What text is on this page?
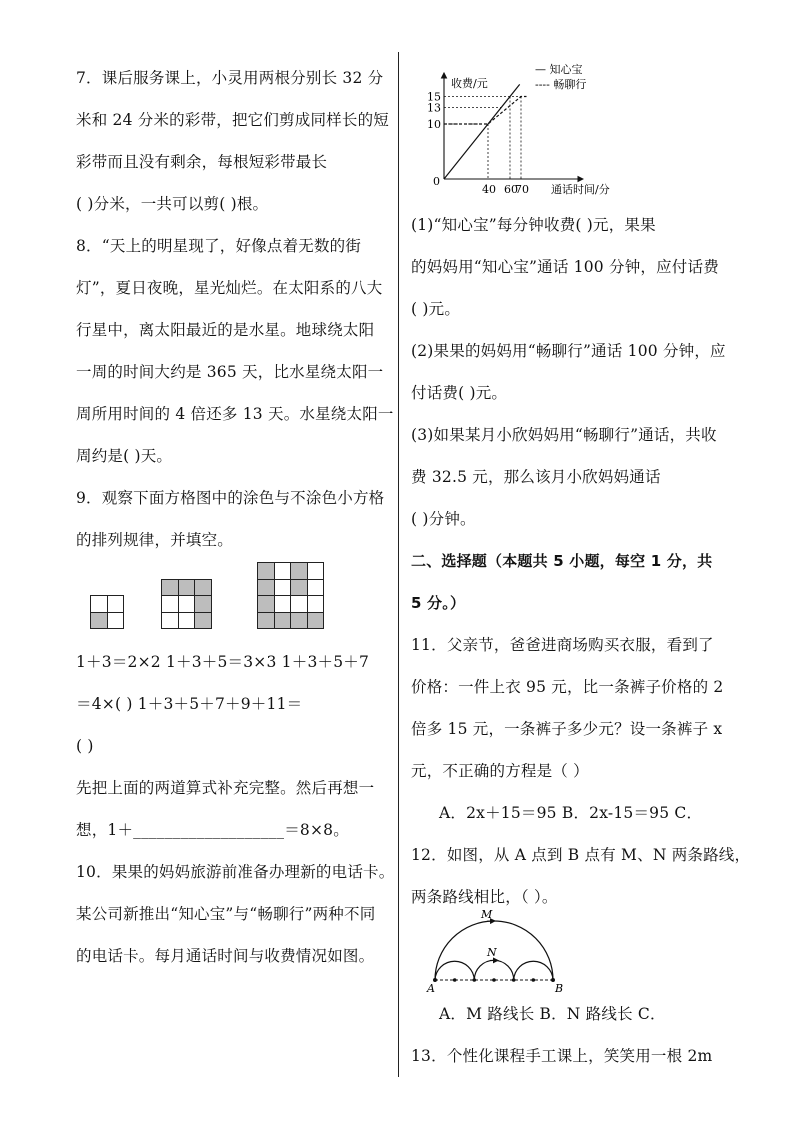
7．课后服务课上，小灵用两根分别长 32 分
米和 24 分米的彩带，把它们剪成同样长的短
彩带而且没有剩余，每根短彩带最长
( )分米，一共可以剪( )根。
8．“天上的明星现了，好像点着无数的街
灯”，夏日夜晚，星光灿烂。在太阳系的八大
行星中，离太阳最近的是水星。地球绕太阳
一周的时间大约是 365 天，比水星绕太阳一
周所用时间的 4 倍还多 13 天。水星绕太阳一
周约是( )天。
9．观察下面方格图中的涂色与不涂色小方格
的排列规律，并填空。
1＋3＝2×2 1＋3＋5＝3×3 1＋3＋5＋7
＝4×( ) 1＋3＋5＋7＋9＋11＝
( )
先把上面的两道算式补充完整。然后再想一
想，1＋___________________＝8×8。
10．果果的妈妈旅游前准备办理新的电话卡。
某公司新推出“知心宝”与“畅聊行”两种不同
的电话卡。每月通话时间与收费情况如图。
收费/元
通话时间/分
0
— 知心宝
---- 畅聊行
40 60
70
10
13
15
(1)“知心宝”每分钟收费( )元，果果
的妈妈用“知心宝”通话 100 分钟，应付话费
( )元。
(2)果果的妈妈用“畅聊行”通话 100 分钟，应
付话费( )元。
(3)如果某月小欣妈妈用“畅聊行”通话，共收
费 32.5 元，那么该月小欣妈妈通话
( )分钟。
二、选择题（本题共 5 小题，每空 1 分，共
5 分。）
11．父亲节，爸爸进商场购买衣服，看到了
价格：一件上衣 95 元，比一条裤子价格的 2
倍多 15 元，一条裤子多少元？设一条裤子 x
元，不正确的方程是（ ）
A．2x＋15＝95 B．2x-15＝95 C．
12．如图，从 A 点到 B 点有 M、N 两条路线，
两条路线相比，（ ）。
M
N
A	B
A．M 路线长 B．N 路线长 C．
13．个性化课程手工课上，笑笑用一根 2m
